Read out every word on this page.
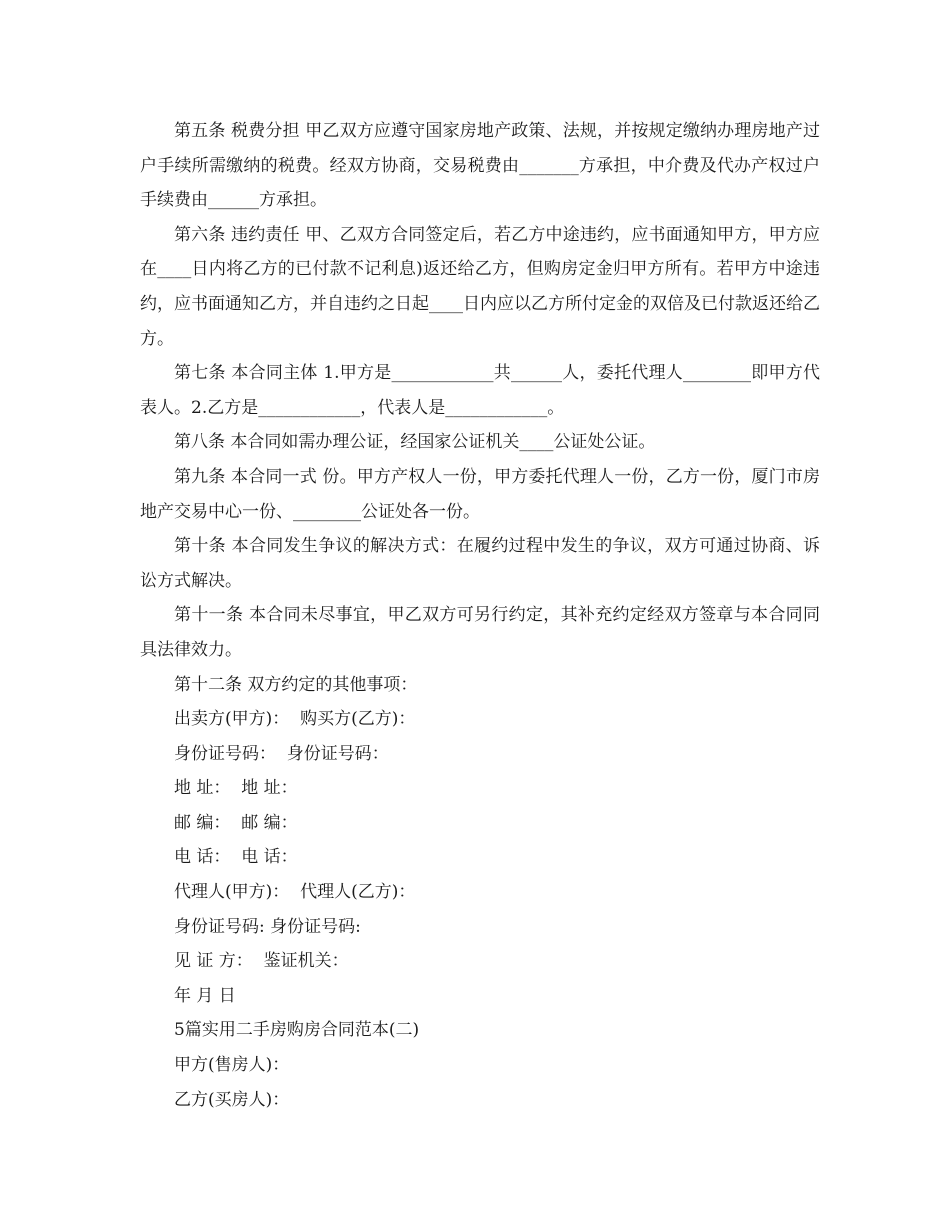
第五条 税费分担 甲乙双方应遵守国家房地产政策、法规，并按规定缴纳办理房地产过户手续所需缴纳的税费。经双方协商，交易税费由_______方承担，中介费及代办产权过户手续费由______方承担。

第六条 违约责任 甲、乙双方合同签定后，若乙方中途违约，应书面通知甲方，甲方应在____日内将乙方的已付款不记利息)返还给乙方，但购房定金归甲方所有。若甲方中途违约，应书面通知乙方，并自违约之日起____日内应以乙方所付定金的双倍及已付款返还给乙方。

第七条 本合同主体 1.甲方是____________共______人，委托代理人________即甲方代表人。2.乙方是____________，代表人是____________。

第八条 本合同如需办理公证，经国家公证机关____公证处公证。

第九条 本合同一式 份。甲方产权人一份，甲方委托代理人一份，乙方一份，厦门市房地产交易中心一份、________公证处各一份。

第十条 本合同发生争议的解决方式：在履约过程中发生的争议，双方可通过协商、诉讼方式解决。

第十一条 本合同未尽事宜，甲乙双方可另行约定，其补充约定经双方签章与本合同同具法律效力。

第十二条 双方约定的其他事项：
出卖方(甲方)：  购买方(乙方)：
身份证号码：  身份证号码：
地 址：  地 址：
邮 编：  邮 编：
电 话：  电 话：
代理人(甲方)：  代理人(乙方)：
身份证号码: 身份证号码:
见 证 方：  鉴证机关：
年 月 日
5篇实用二手房购房合同范本(二)
甲方(售房人)：
乙方(买房人)：
